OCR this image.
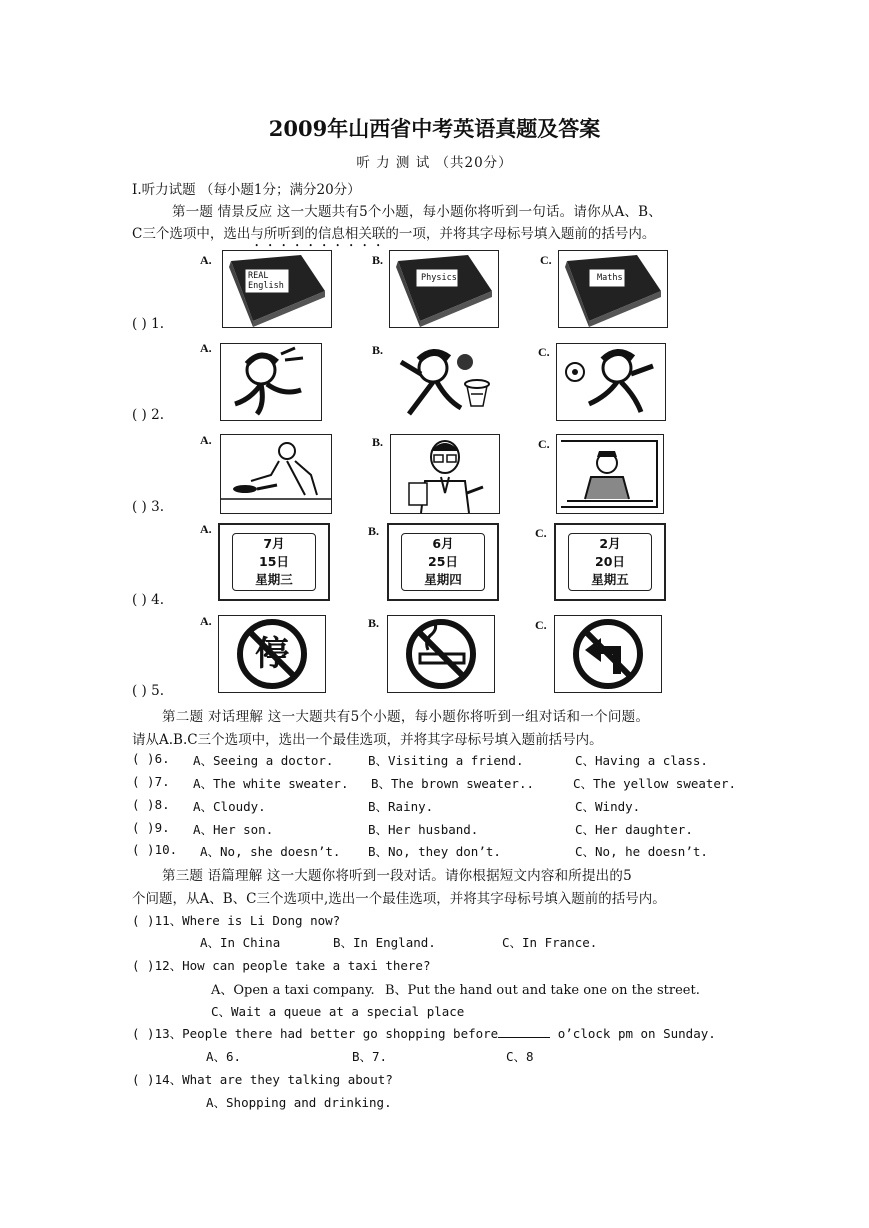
2009年山西省中考英语真题及答案
听 力 测 试 （共20分）
Ⅰ.听力试题 （每小题1分；满分20分）
第一题 情景反应 这一大题共有5个小题，每小题你将听到一句话。请你从A、B、
C三个选项中，选出与所听到的信息相关联的一项，并将其字母标号填入题前的括号内。
A.	B.	C.
REAL
English
Physics	Maths
( ) 1.
A.	B.	C.
( ) 2.
A.	B.	C.
( ) 3.
A.	B.	C.
7月
15日
星期三
6月
25日
星期四
2月
20日
星期五
( ) 4.
A.	B.	C.
停
( ) 5.
第二题 对话理解 这一大题共有5个小题，每小题你将听到一组对话和一个问题。
请从A.B.C三个选项中，选出一个最佳选项，并将其字母标号填入题前括号内。
( )6. A、Seeing a doctor.	B、Visiting a friend.	C、Having a class.
( )7. A、The white sweater. B、The brown sweater..	C、The yellow sweater.
( )8. A、Cloudy.	B、Rainy.	C、Windy.
( )9. A、Her son.	B、Her husband.	C、Her daughter.
( )10. A、No, she doesn’t. B、No, they don’t.	C、No, he doesn’t.
第三题 语篇理解 这一大题你将听到一段对话。请你根据短文内容和所提出的5
个问题，从A、B、C三个选项中,选出一个最佳选项，并将其字母标号填入题前的括号内。
( )11、Where is Li Dong now?
A、In China	B、In England.	C、In France.
( )12、How can people take a taxi there?
A、Open a taxi company. B、Put the hand out and take one on the street.
C、Wait a queue at a special place
( )13、People there had better go shopping before	o’clock pm on Sunday.
A、6.	B、7.	C、8
( )14、What are they talking about?
A、Shopping and drinking.
